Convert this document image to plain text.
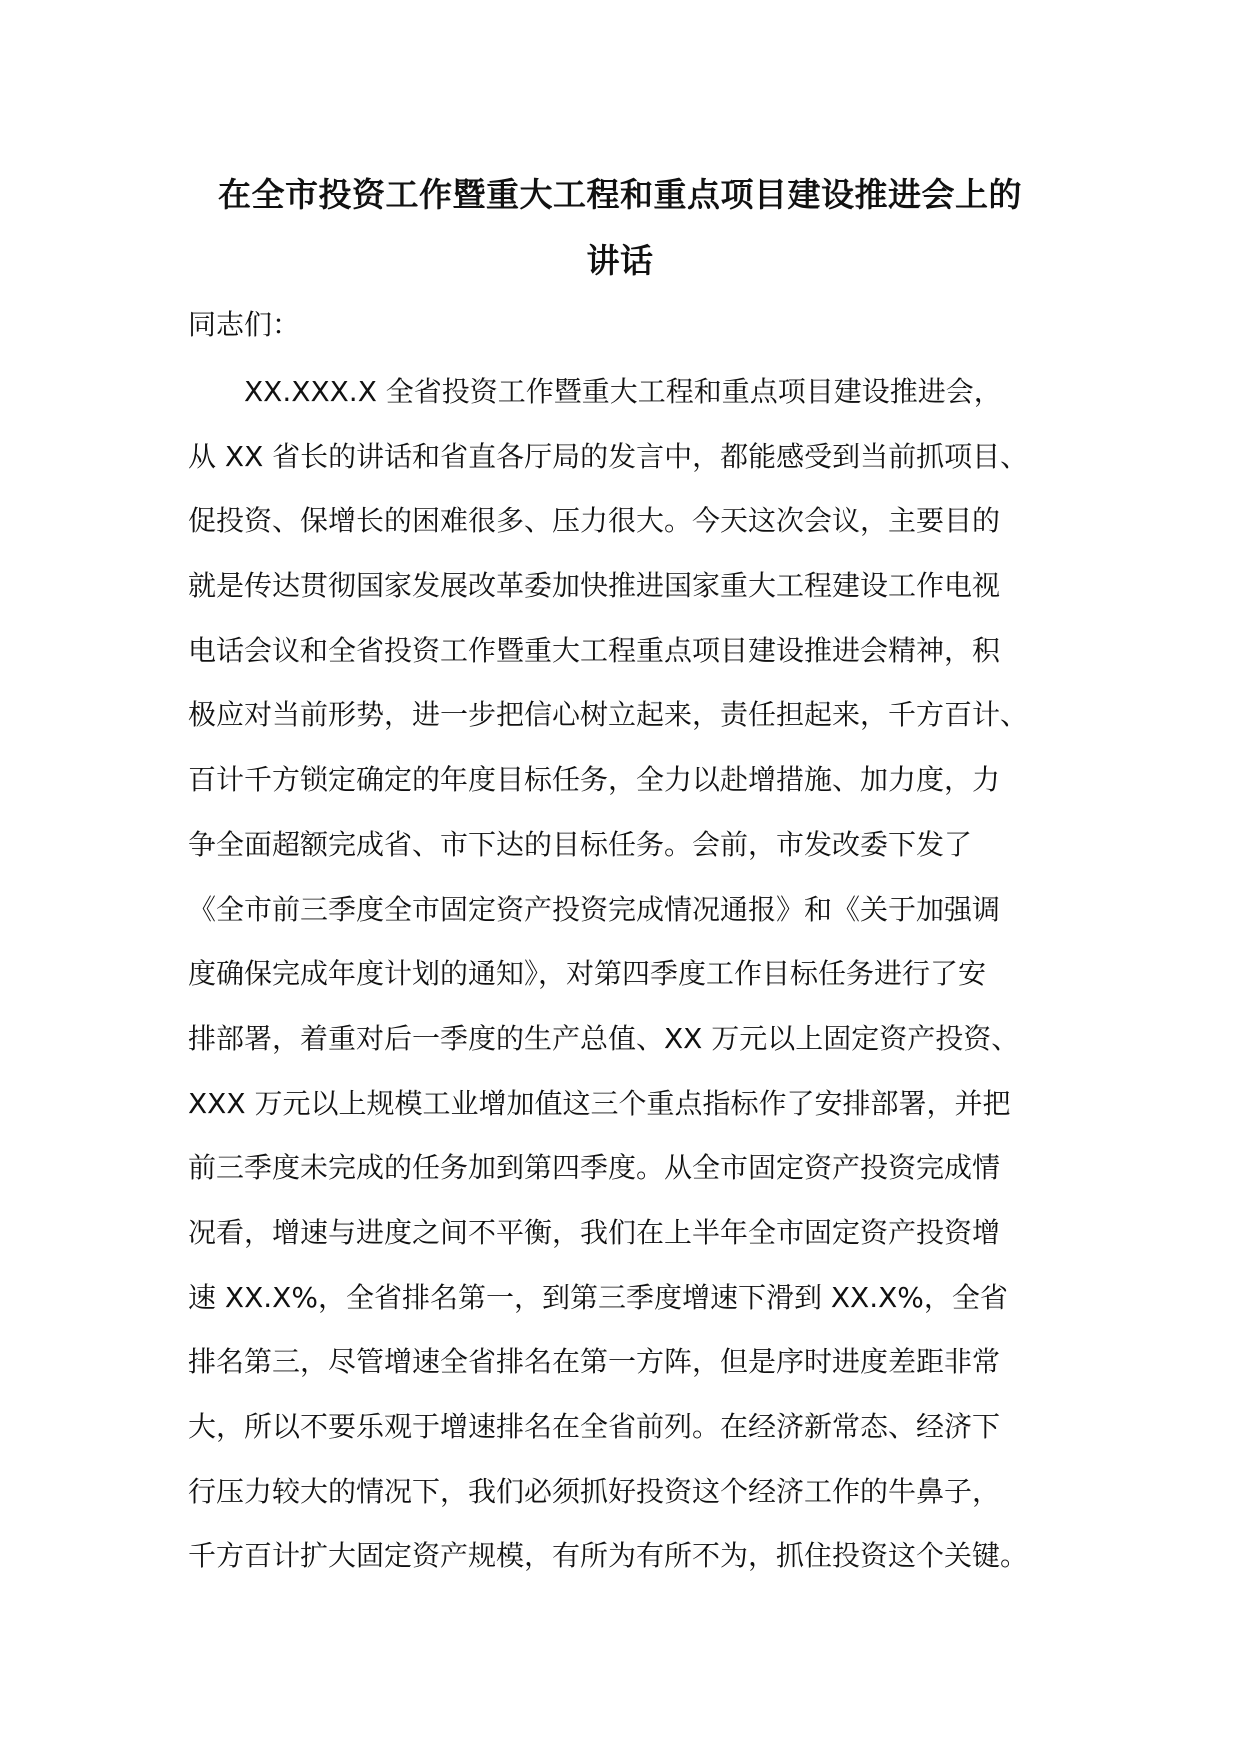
在全市投资工作暨重大工程和重点项目建设推进会上的
讲话

同志们：

XX.XXX.X 全省投资工作暨重大工程和重点项目建设推进会，
从 XX 省长的讲话和省直各厅局的发言中，都能感受到当前抓项目、
促投资、保增长的困难很多、压力很大。今天这次会议，主要目的
就是传达贯彻国家发展改革委加快推进国家重大工程建设工作电视
电话会议和全省投资工作暨重大工程重点项目建设推进会精神，积
极应对当前形势，进一步把信心树立起来，责任担起来，千方百计、
百计千方锁定确定的年度目标任务，全力以赴增措施、加力度，力
争全面超额完成省、市下达的目标任务。会前，市发改委下发了
《全市前三季度全市固定资产投资完成情况通报》和《关于加强调
度确保完成年度计划的通知》，对第四季度工作目标任务进行了安
排部署，着重对后一季度的生产总值、XX 万元以上固定资产投资、
XXX 万元以上规模工业增加值这三个重点指标作了安排部署，并把
前三季度未完成的任务加到第四季度。从全市固定资产投资完成情
况看，增速与进度之间不平衡，我们在上半年全市固定资产投资增
速 XX.X%，全省排名第一，到第三季度增速下滑到 XX.X%，全省
排名第三，尽管增速全省排名在第一方阵，但是序时进度差距非常
大，所以不要乐观于增速排名在全省前列。在经济新常态、经济下
行压力较大的情况下，我们必须抓好投资这个经济工作的牛鼻子，
千方百计扩大固定资产规模，有所为有所不为，抓住投资这个关键。
